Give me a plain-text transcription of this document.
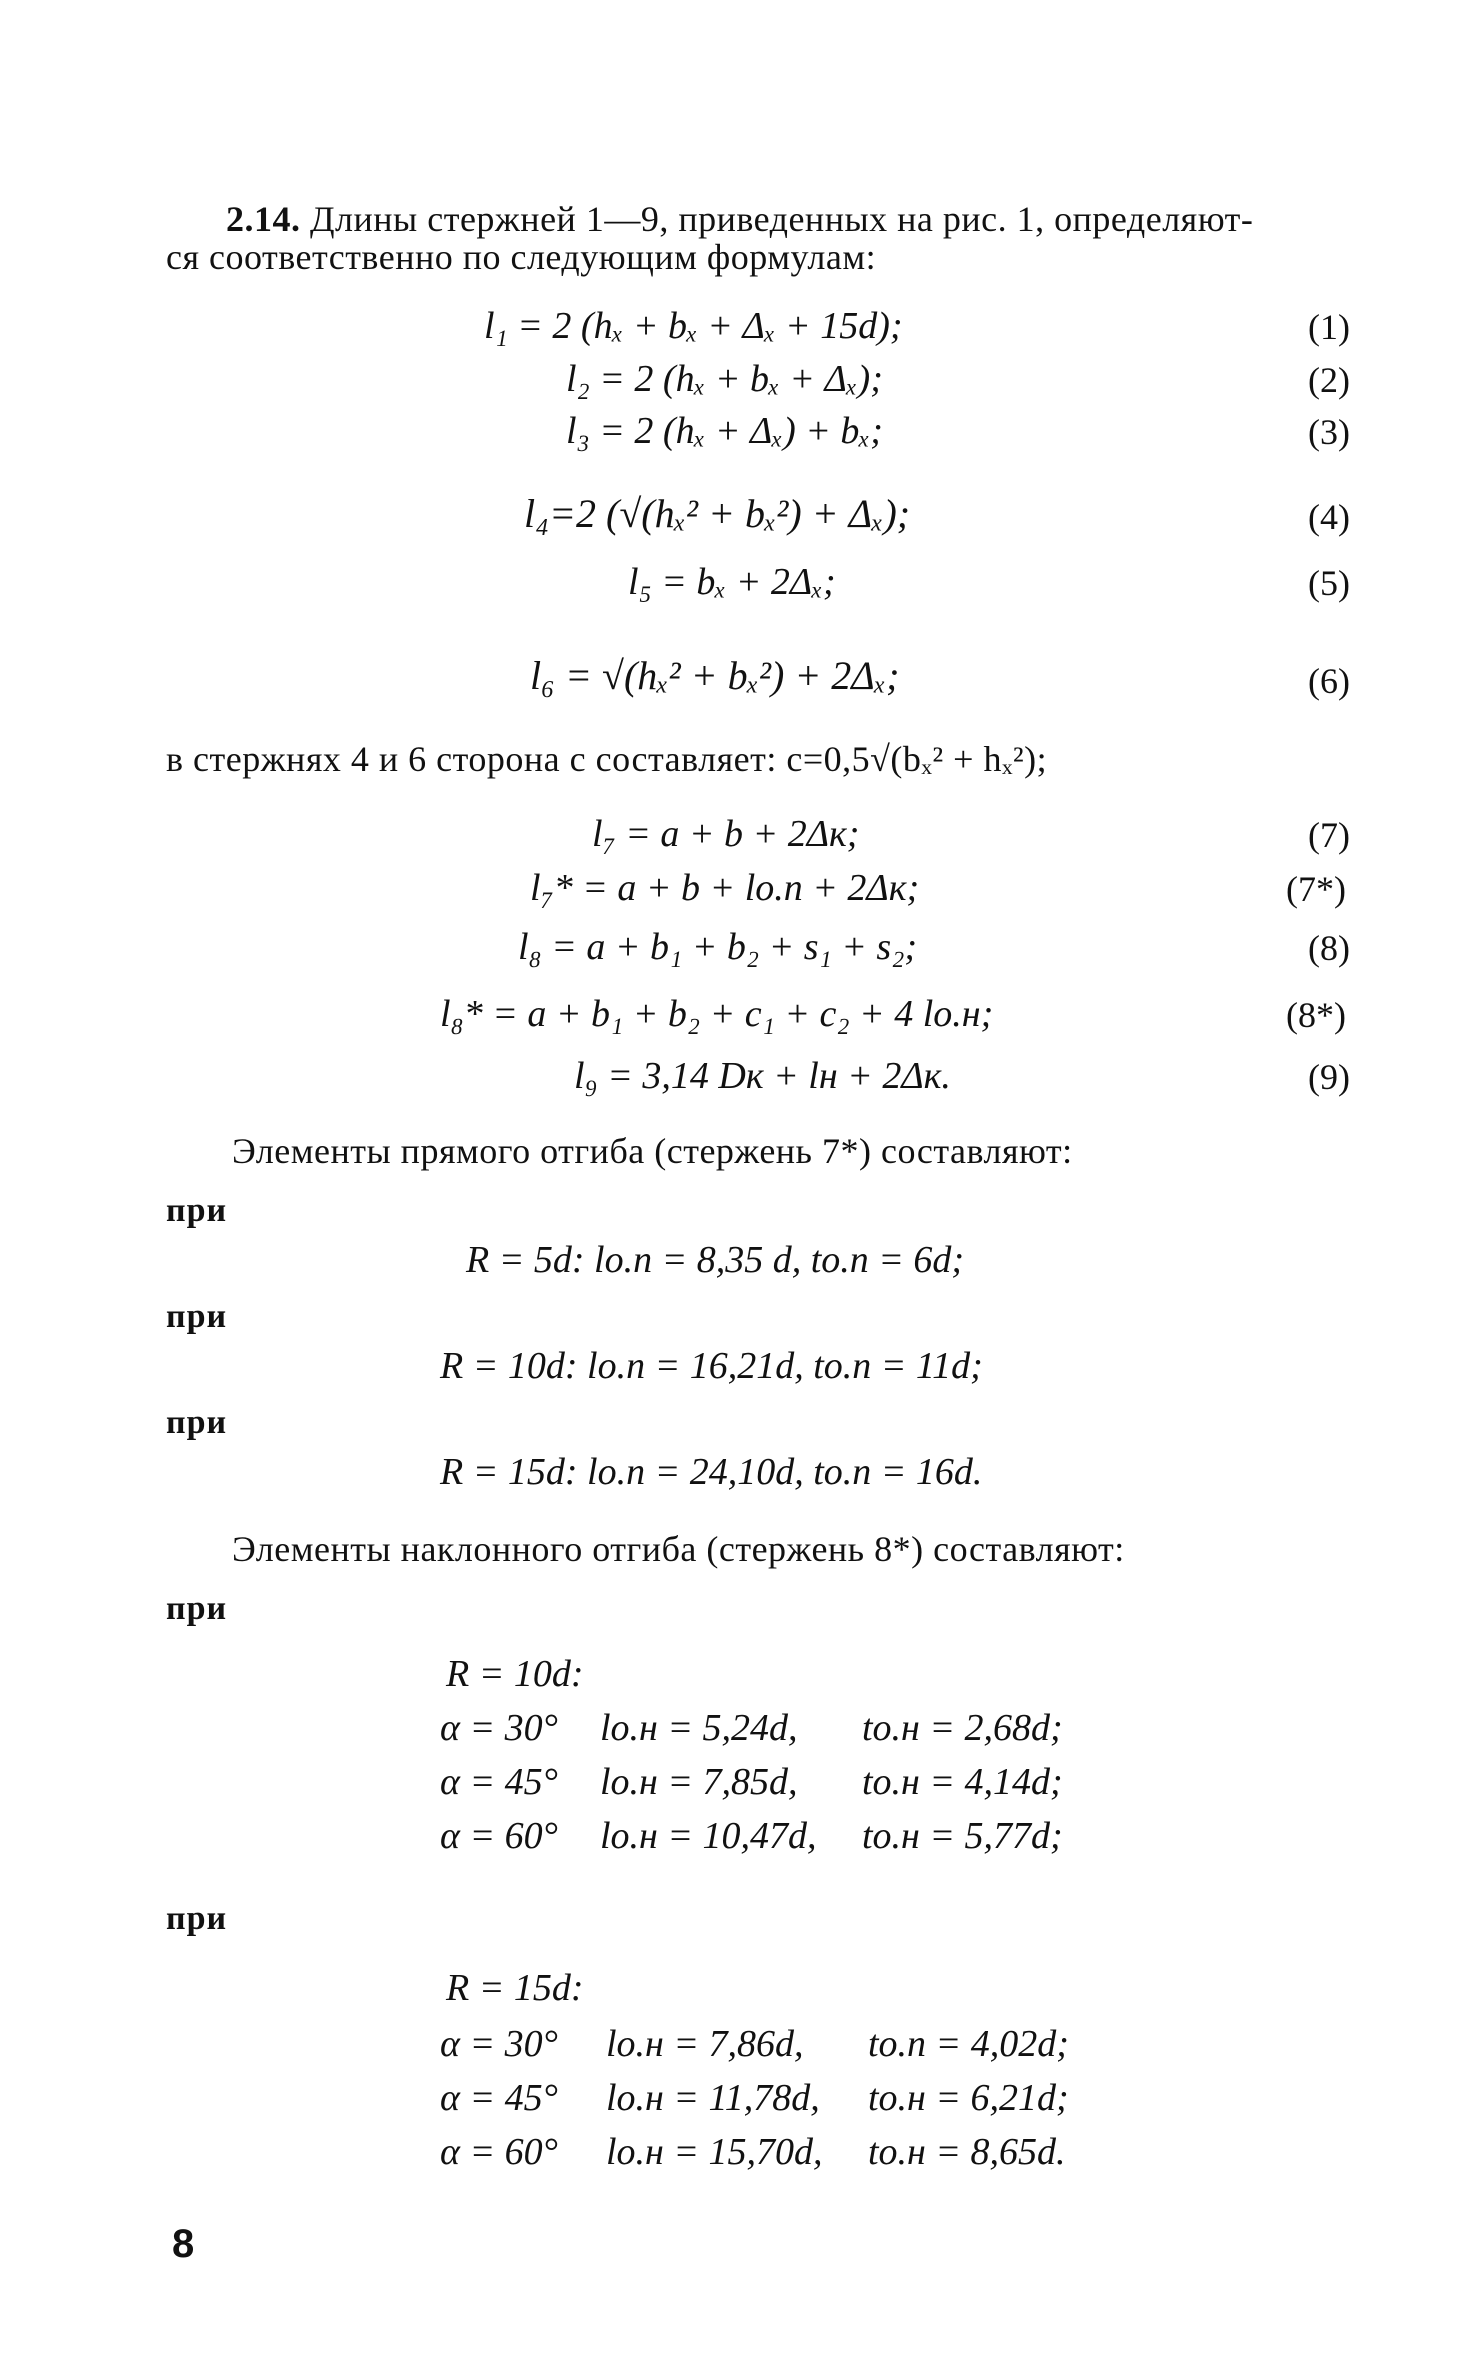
2.14. Длины стержней 1—9, приведенных на рис. 1, определяют-
ся соответственно по следующим формулам:
l₁ = 2 (hₓ + bₓ + Δₓ + 15d);	(1)
l₂ = 2 (hₓ + bₓ + Δₓ);	(2)
l₃ = 2 (hₓ + Δₓ) + bₓ;	(3)
l₄=2 (√(hₓ² + bₓ²) + Δₓ);	(4)
l₅ = bₓ + 2Δₓ;	(5)
l₆ = √(hₓ² + bₓ²) + 2Δₓ;	(6)
в стержнях 4 и 6 сторона c составляет: c=0,5√(bₓ² + hₓ²);
l₇ = a + b + 2Δк;	(7)
l₇* = a + b + lо.п + 2Δк;	(7*)
l₈ = a + b₁ + b₂ + s₁ + s₂;	(8)
l₈* = a + b₁ + b₂ + c₁ + c₂ + 4 lо.н;	(8*)
l₉ = 3,14 Dк + lн + 2Δк.	(9)
Элементы прямого отгиба (стержень 7*) составляют:
при
R = 5d: lо.п = 8,35 d, tо.п = 6d;
при
R = 10d: lо.п = 16,21d, tо.п = 11d;
при
R = 15d: lо.п = 24,10d, tо.п = 16d.
Элементы наклонного отгиба (стержень 8*) составляют:
при
R = 10d:
α = 30° lо.н = 5,24d, tо.н = 2,68d;
α = 45° lо.н = 7,85d, tо.н = 4,14d;
α = 60° lо.н = 10,47d, tо.н = 5,77d;
при
R = 15d:
α = 30° lо.н = 7,86d, tо.п = 4,02d;
α = 45° lо.н = 11,78d, tо.н = 6,21d;
α = 60° lо.н = 15,70d, tо.н = 8,65d.
8
